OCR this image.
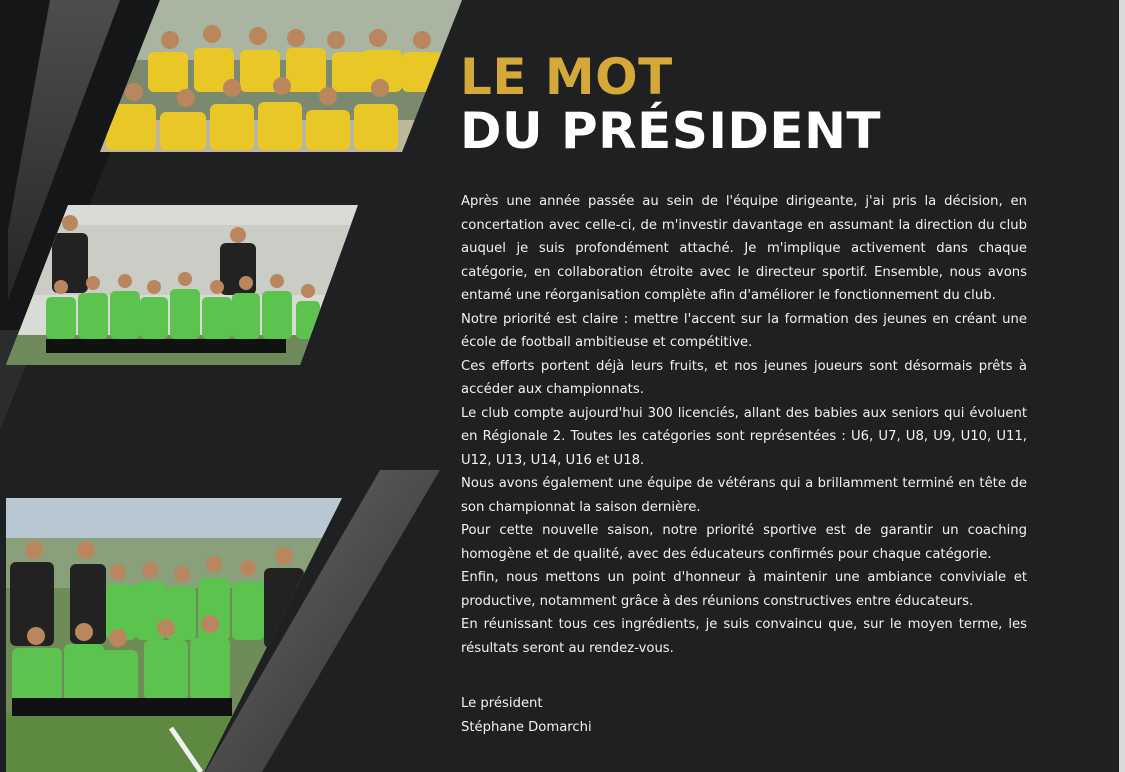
LE MOT
DU PRÉSIDENT

Après une année passée au sein de l'équipe dirigeante, j'ai pris la décision, en concertation avec celle-ci, de m'investir davantage en assumant la direction du club auquel je suis profondément attaché. Je m'implique activement dans chaque catégorie, en collaboration étroite avec le directeur sportif. Ensemble, nous avons entamé une réorganisation complète afin d'améliorer le fonctionnement du club.

Notre priorité est claire : mettre l'accent sur la formation des jeunes en créant une école de football ambitieuse et compétitive.

Ces efforts portent déjà leurs fruits, et nos jeunes joueurs sont désormais prêts à accéder aux championnats.

Le club compte aujourd'hui 300 licenciés, allant des babies aux seniors qui évoluent en Régionale 2. Toutes les catégories sont représentées : U6, U7, U8, U9, U10, U11, U12, U13, U14, U16 et U18.

Nous avons également une équipe de vétérans qui a brillamment terminé en tête de son championnat la saison dernière.

Pour cette nouvelle saison, notre priorité sportive est de garantir un coaching homogène et de qualité, avec des éducateurs confirmés pour chaque catégorie.

Enfin, nous mettons un point d'honneur à maintenir une ambiance conviviale et productive, notamment grâce à des réunions constructives entre éducateurs.

En réunissant tous ces ingrédients, je suis convaincu que, sur le moyen terme, les résultats seront au rendez-vous.

Le président
Stéphane Domarchi
